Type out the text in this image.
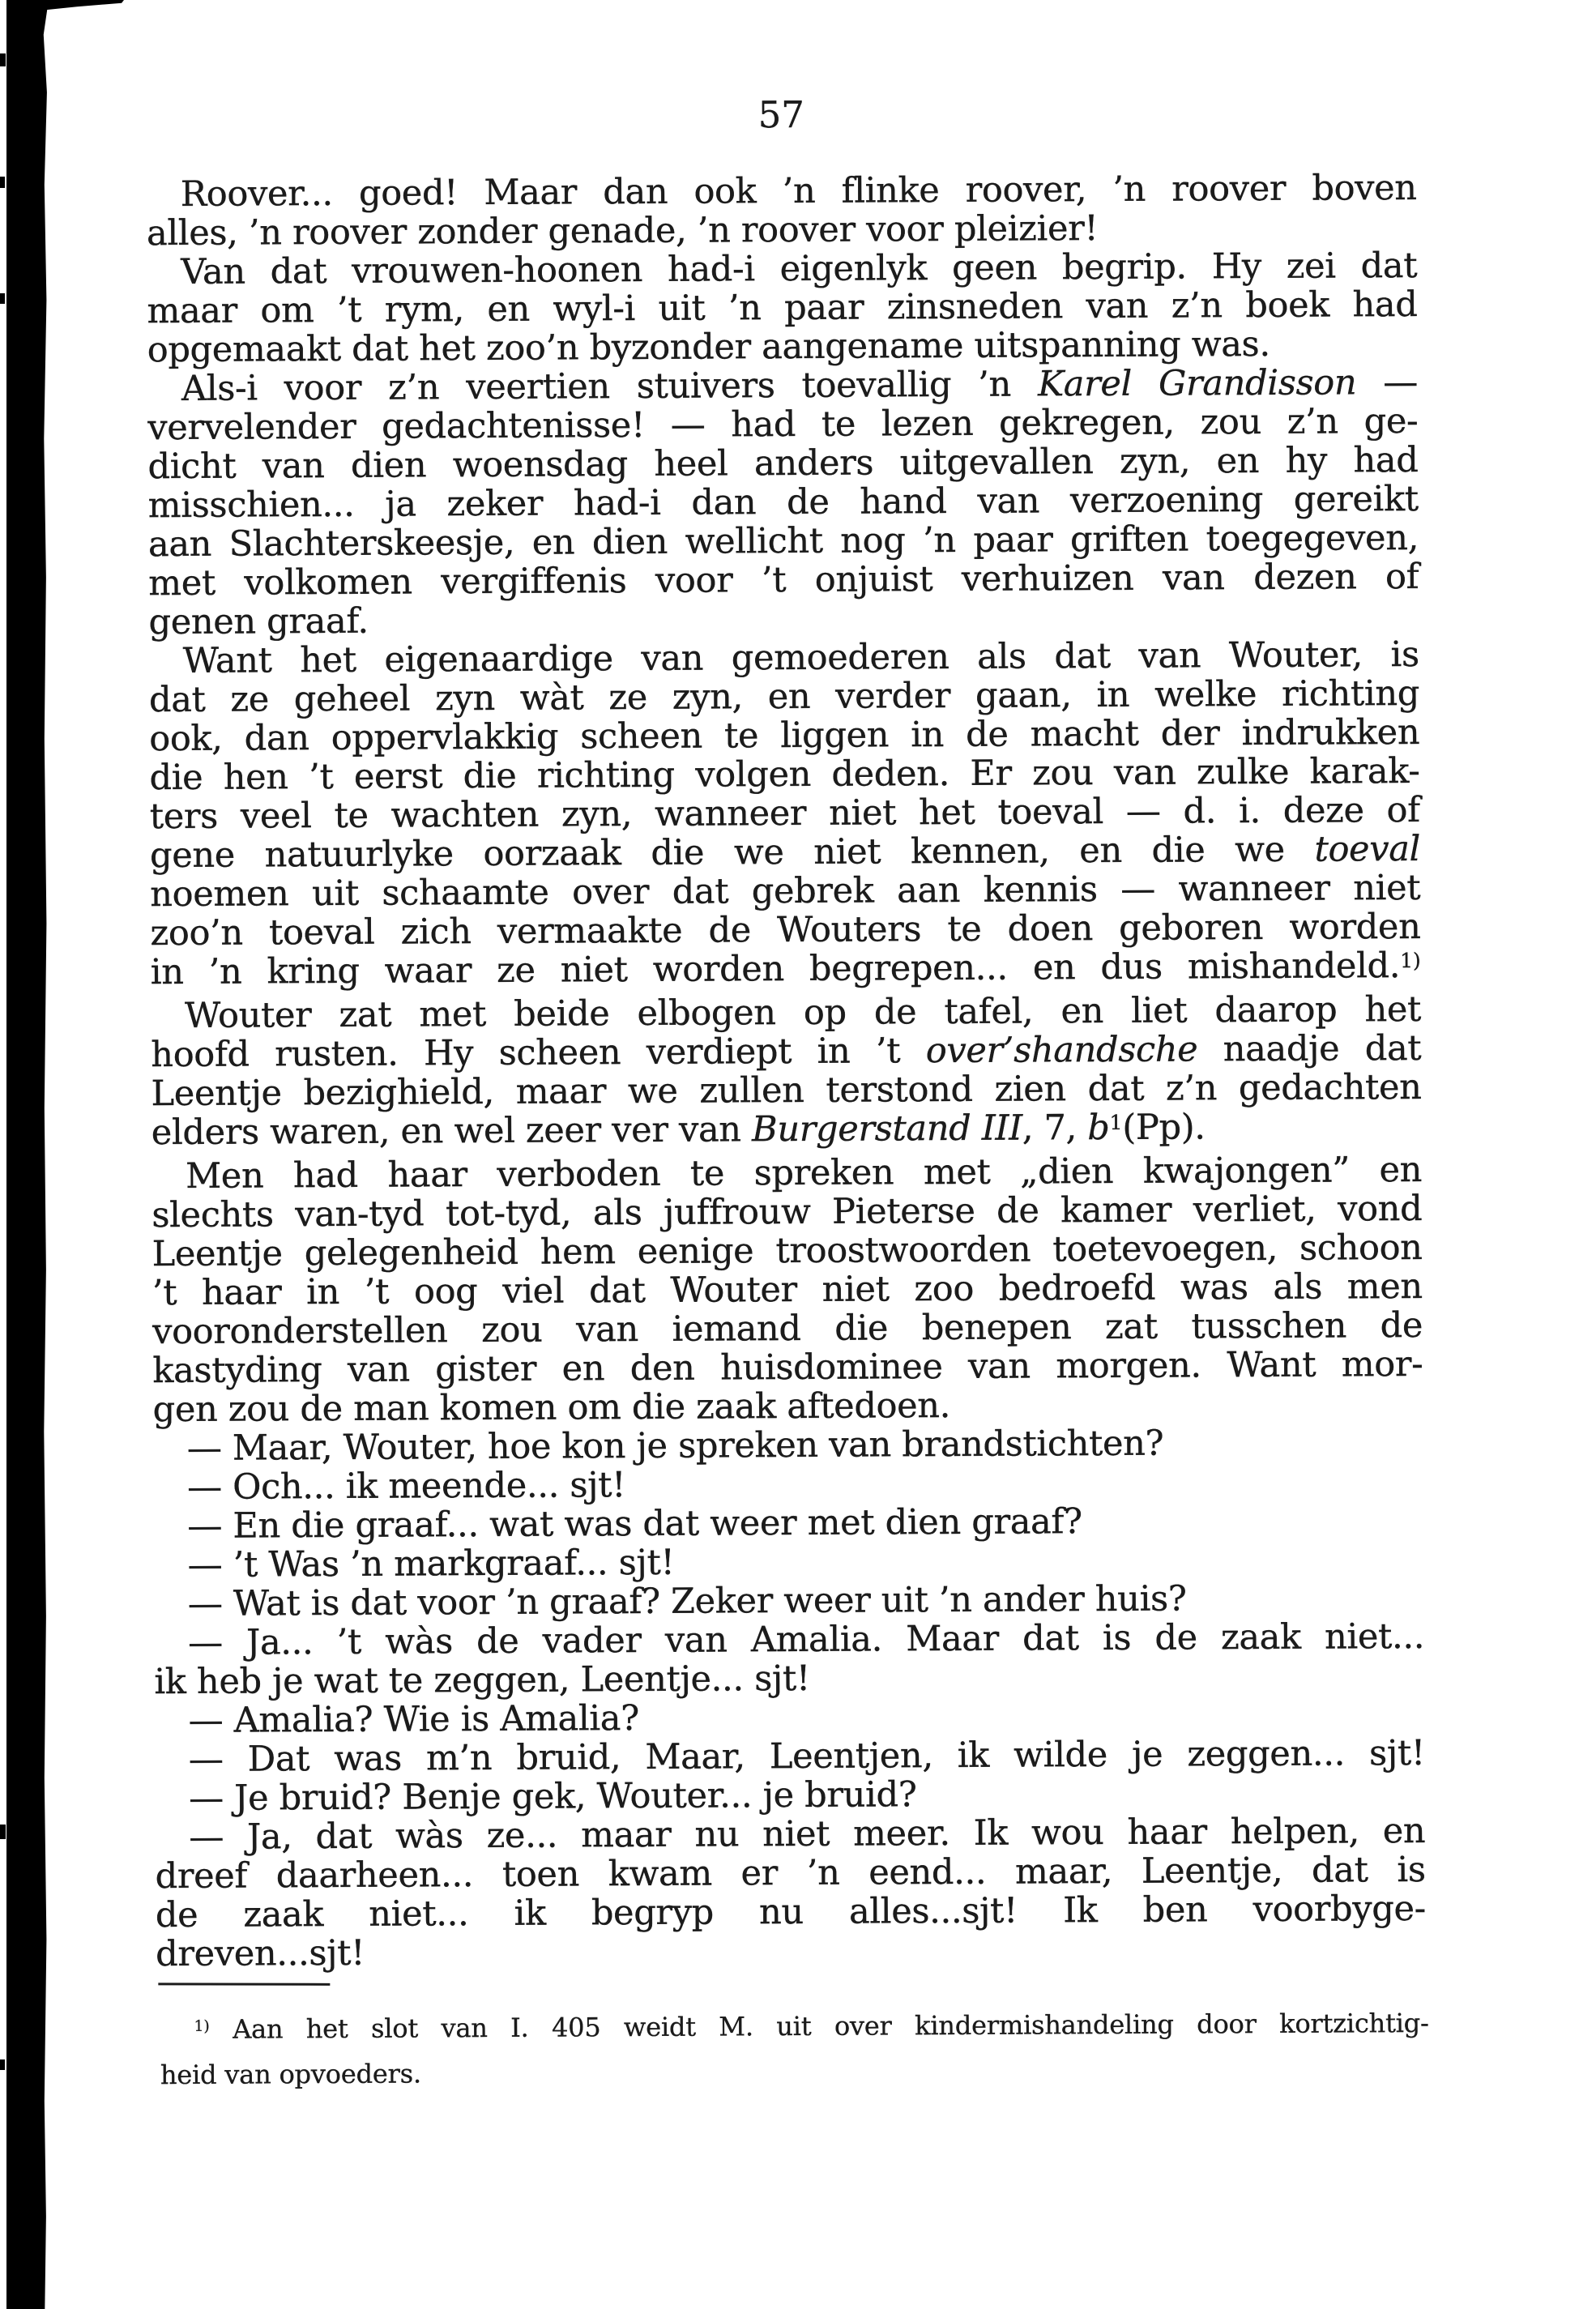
57
Roover... goed! Maar dan ook ’n flinke roover, ’n roover boven
alles, ’n roover zonder genade, ’n roover voor pleizier!
Van dat vrouwen-hoonen had-i eigenlyk geen begrip. Hy zei dat
maar om ’t rym, en wyl-i uit ’n paar zinsneden van z’n boek had
opgemaakt dat het zoo’n byzonder aangename uitspanning was.
Als-i voor z’n veertien stuivers toevallig ’n Karel Grandisson —
vervelender gedachtenisse! — had te lezen gekregen, zou z’n ge-
dicht van dien woensdag heel anders uitgevallen zyn, en hy had
misschien... ja zeker had-i dan de hand van verzoening gereikt
aan Slachterskeesje, en dien wellicht nog ’n paar griften toegegeven,
met volkomen vergiffenis voor ’t onjuist verhuizen van dezen of
genen graaf.
Want het eigenaardige van gemoederen als dat van Wouter, is
dat ze geheel zyn wàt ze zyn, en verder gaan, in welke richting
ook, dan oppervlakkig scheen te liggen in de macht der indrukken
die hen ’t eerst die richting volgen deden. Er zou van zulke karak-
ters veel te wachten zyn, wanneer niet het toeval — d. i. deze of
gene natuurlyke oorzaak die we niet kennen, en die we toeval
noemen uit schaamte over dat gebrek aan kennis — wanneer niet
zoo’n toeval zich vermaakte de Wouters te doen geboren worden
in ’n kring waar ze niet worden begrepen... en dus mishandeld.$^{1)}$
Wouter zat met beide elbogen op de tafel, en liet daarop het
hoofd rusten. Hy scheen verdiept in ’t over’shandsche naadje dat
Leentje bezighield, maar we zullen terstond zien dat z’n gedachten
elders waren, en wel zeer ver van Burgerstand III, 7, $b^1(Pp)$.
Men had haar verboden te spreken met „dien kwajongen” en
slechts van-tyd tot-tyd, als juffrouw Pieterse de kamer verliet, vond
Leentje gelegenheid hem eenige troostwoorden toetevoegen, schoon
’t haar in ’t oog viel dat Wouter niet zoo bedroefd was als men
vooronderstellen zou van iemand die benepen zat tusschen de
kastyding van gister en den huisdominee van morgen. Want mor-
gen zou de man komen om die zaak aftedoen.
— Maar, Wouter, hoe kon je spreken van brandstichten?
— Och... ik meende... sjt!
— En die graaf... wat was dat weer met dien graaf?
— ’t Was ’n markgraaf... sjt!
— Wat is dat voor ’n graaf? Zeker weer uit ’n ander huis?
— Ja... ’t wàs de vader van Amalia. Maar dat is de zaak niet...
ik heb je wat te zeggen, Leentje... sjt!
— Amalia? Wie is Amalia?
— Dat was m’n bruid, Maar, Leentjen, ik wilde je zeggen... sjt!
— Je bruid? Benje gek, Wouter... je bruid?
— Ja, dat wàs ze... maar nu niet meer. Ik wou haar helpen, en
dreef daarheen... toen kwam er ’n eend... maar, Leentje, dat is
de zaak niet... ik begryp nu alles...sjt! Ik ben voorbyge-
dreven...sjt!
$^{1)}$ Aan het slot van I. 405 weidt M. uit over kindermishandeling door kortzichtig-
heid van opvoeders.
